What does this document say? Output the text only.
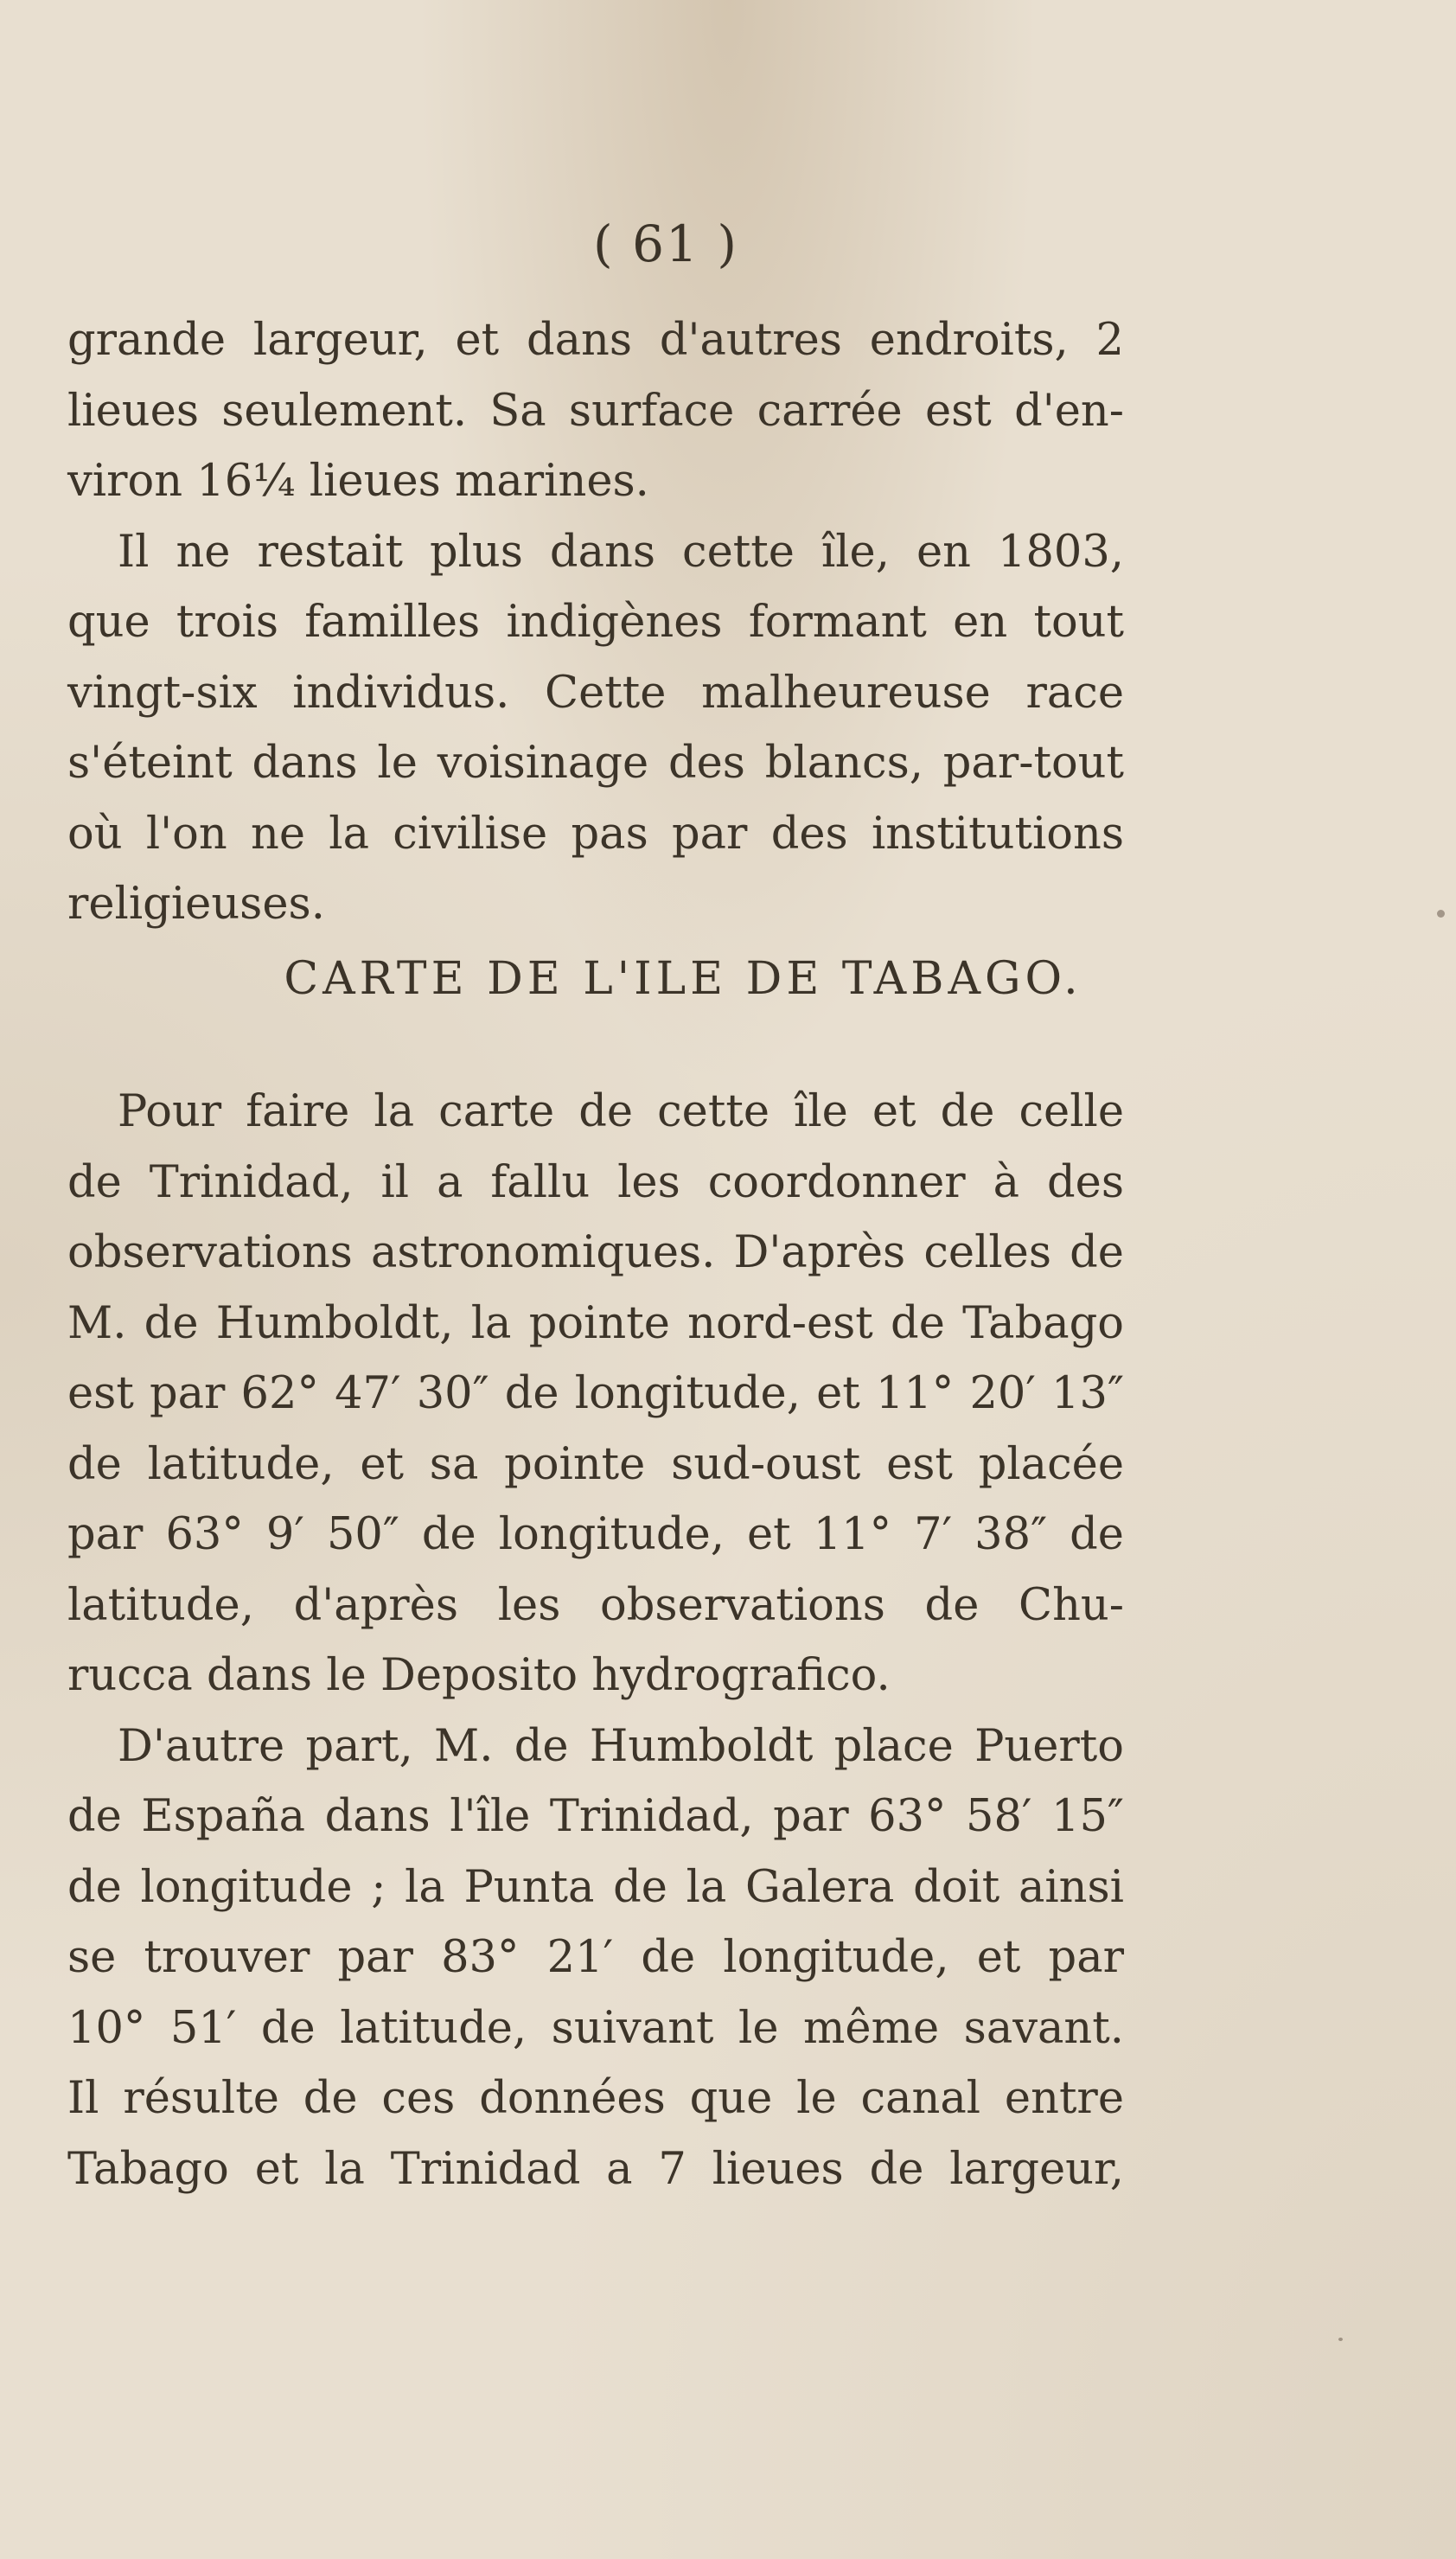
( 61 )
grande largeur, et dans d'autres endroits, 2
lieues seulement. Sa surface carrée est d'en-
viron 16¼ lieues marines.
Il ne restait plus dans cette île, en 1803,
que trois familles indigènes formant en tout
vingt-six individus. Cette malheureuse race
s'éteint dans le voisinage des blancs, par-tout
où l'on ne la civilise pas par des institutions
religieuses.
CARTE DE L'ILE DE TABAGO.
Pour faire la carte de cette île et de celle
de Trinidad, il a fallu les coordonner à des
observations astronomiques. D'après celles de
M. de Humboldt, la pointe nord-est de Tabago
est par 62° 47′ 30″ de longitude, et 11° 20′ 13″
de latitude, et sa pointe sud-oust est placée
par 63° 9′ 50″ de longitude, et 11° 7′ 38″ de
latitude, d'après les observations de Chu-
rucca dans le Deposito hydrografico.
D'autre part, M. de Humboldt place Puerto
de España dans l'île Trinidad, par 63° 58′ 15″
de longitude ; la Punta de la Galera doit ainsi
se trouver par 83° 21′ de longitude, et par
10° 51′ de latitude, suivant le même savant.
Il résulte de ces données que le canal entre
Tabago et la Trinidad a 7 lieues de largeur,
